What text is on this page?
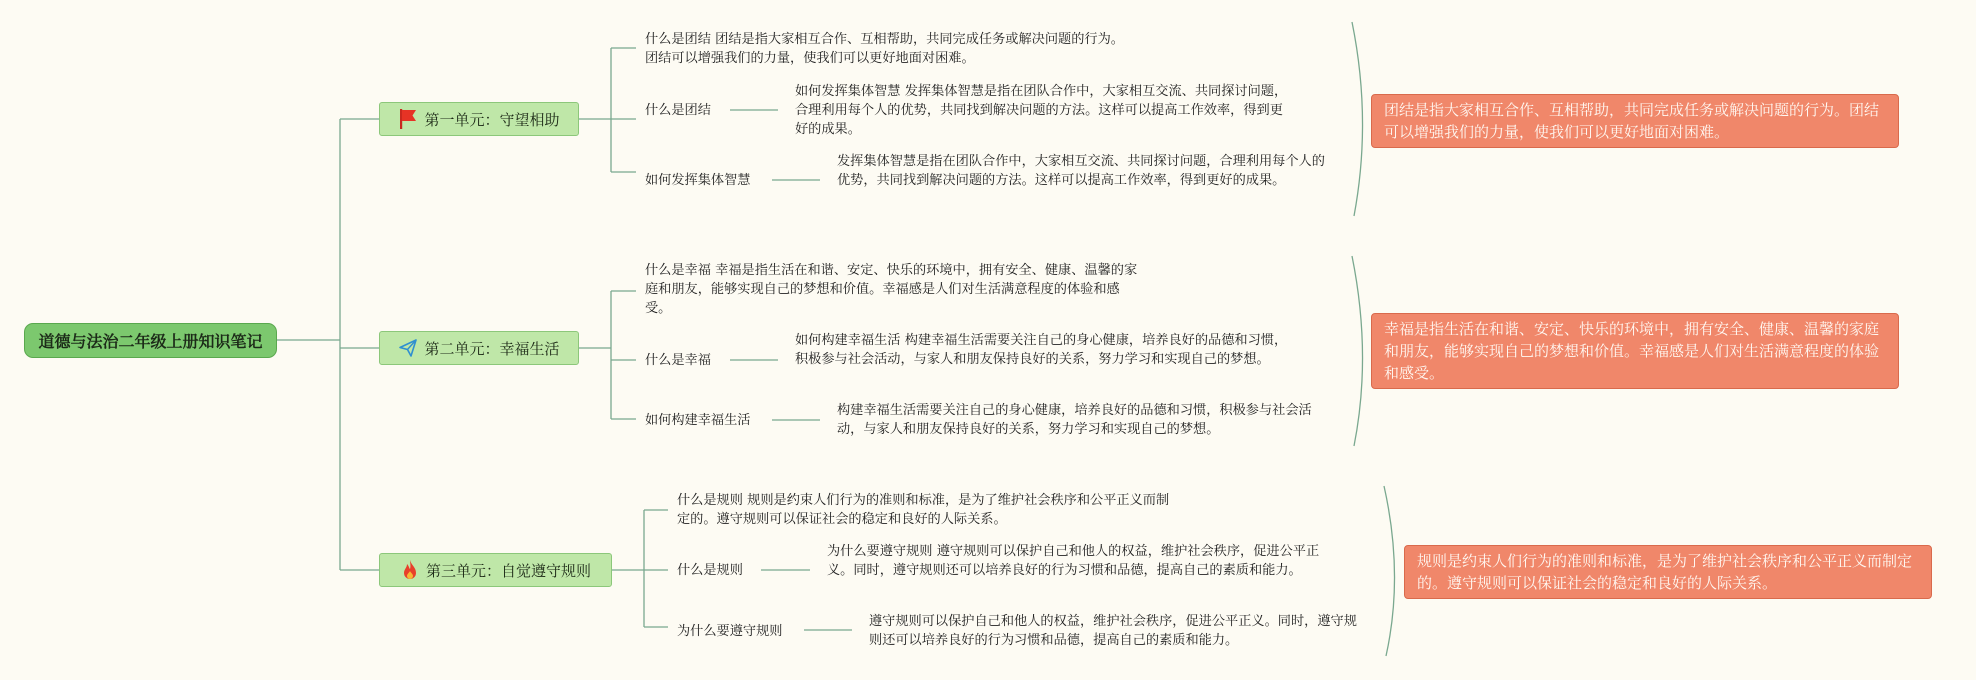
道德与法治二年级上册知识笔记
第一单元：守望相助
什么是团结 团结是指大家相互合作、互相帮助，共同完成任务或解决问题的行为。团结可以增强我们的力量，使我们可以更好地面对困难。
什么是团结
如何发挥集体智慧 发挥集体智慧是指在团队合作中，大家相互交流、共同探讨问题，合理利用每个人的优势，共同找到解决问题的方法。这样可以提高工作效率，得到更好的成果。
如何发挥集体智慧
发挥集体智慧是指在团队合作中，大家相互交流、共同探讨问题，合理利用每个人的优势，共同找到解决问题的方法。这样可以提高工作效率，得到更好的成果。
团结是指大家相互合作、互相帮助，共同完成任务或解决问题的行为。团结可以增强我们的力量，使我们可以更好地面对困难。
第二单元：幸福生活
什么是幸福 幸福是指生活在和谐、安定、快乐的环境中，拥有安全、健康、温馨的家庭和朋友，能够实现自己的梦想和价值。幸福感是人们对生活满意程度的体验和感受。
什么是幸福
如何构建幸福生活 构建幸福生活需要关注自己的身心健康，培养良好的品德和习惯，积极参与社会活动，与家人和朋友保持良好的关系，努力学习和实现自己的梦想。
如何构建幸福生活
构建幸福生活需要关注自己的身心健康，培养良好的品德和习惯，积极参与社会活动，与家人和朋友保持良好的关系，努力学习和实现自己的梦想。
幸福是指生活在和谐、安定、快乐的环境中，拥有安全、健康、温馨的家庭和朋友，能够实现自己的梦想和价值。幸福感是人们对生活满意程度的体验和感受。
第三单元：自觉遵守规则
什么是规则 规则是约束人们行为的准则和标准，是为了维护社会秩序和公平正义而制定的。遵守规则可以保证社会的稳定和良好的人际关系。
什么是规则
为什么要遵守规则 遵守规则可以保护自己和他人的权益，维护社会秩序，促进公平正义。同时，遵守规则还可以培养良好的行为习惯和品德，提高自己的素质和能力。
为什么要遵守规则
遵守规则可以保护自己和他人的权益，维护社会秩序，促进公平正义。同时，遵守规则还可以培养良好的行为习惯和品德，提高自己的素质和能力。
规则是约束人们行为的准则和标准，是为了维护社会秩序和公平正义而制定的。遵守规则可以保证社会的稳定和良好的人际关系。
